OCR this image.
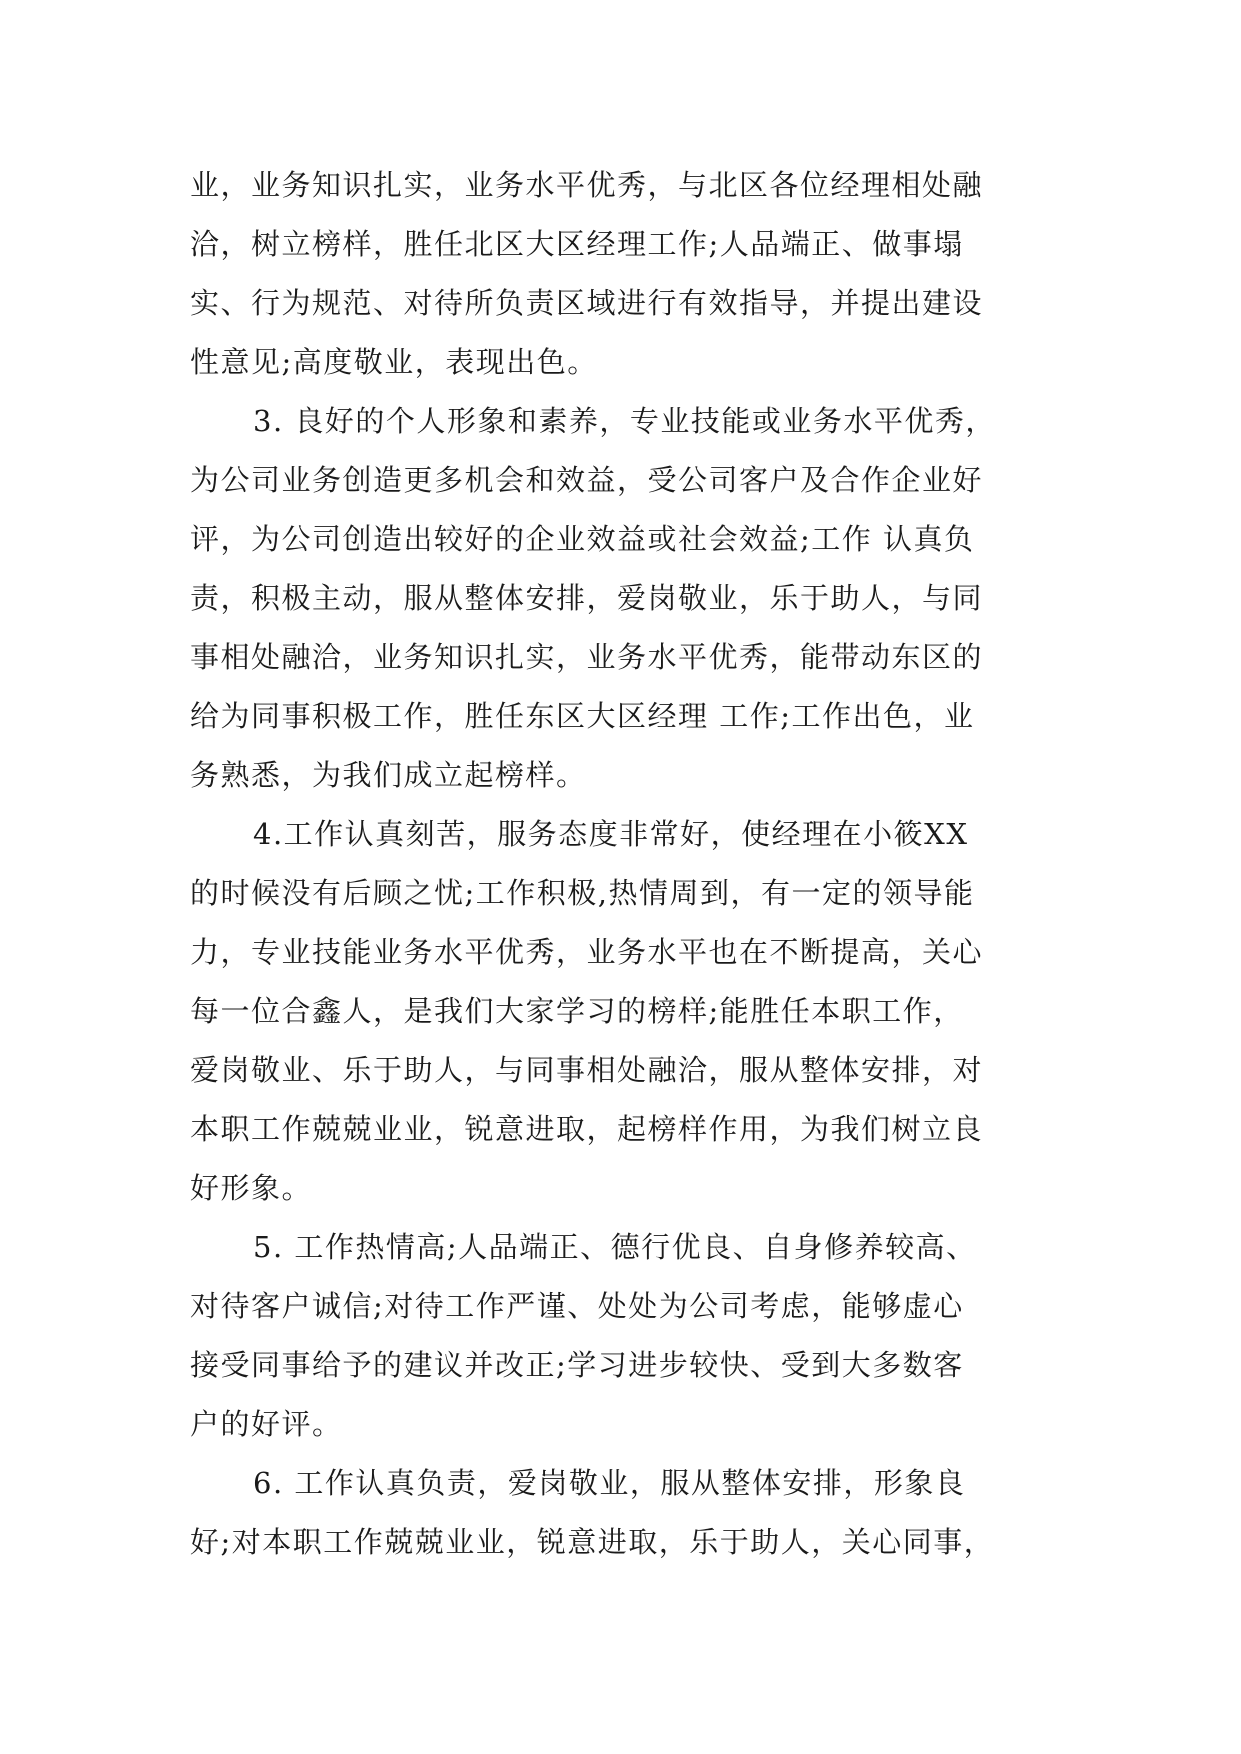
业，业务知识扎实，业务水平优秀，与北区各位经理相处融
洽，树立榜样，胜任北区大区经理工作;人品端正、做事塌
实、行为规范、对待所负责区域进行有效指导，并提出建设
性意见;高度敬业，表现出色。
3. 良好的个人形象和素养，专业技能或业务水平优秀，
为公司业务创造更多机会和效益，受公司客户及合作企业好
评，为公司创造出较好的企业效益或社会效益;工作 认真负
责，积极主动，服从整体安排，爱岗敬业，乐于助人，与同
事相处融洽，业务知识扎实，业务水平优秀，能带动东区的
给为同事积极工作，胜任东区大区经理 工作;工作出色，业
务熟悉，为我们成立起榜样。
4.工作认真刻苦，服务态度非常好，使经理在小筱XX
的时候没有后顾之忧;工作积极,热情周到，有一定的领导能
力，专业技能业务水平优秀，业务水平也在不断提高，关心
每一位合鑫人，是我们大家学习的榜样;能胜任本职工作，
爱岗敬业、乐于助人，与同事相处融洽，服从整体安排，对
本职工作兢兢业业，锐意进取，起榜样作用，为我们树立良
好形象。
5. 工作热情高;人品端正、德行优良、自身修养较高、
对待客户诚信;对待工作严谨、处处为公司考虑，能够虚心
接受同事给予的建议并改正;学习进步较快、受到大多数客
户的好评。
6. 工作认真负责，爱岗敬业，服从整体安排，形象良
好;对本职工作兢兢业业，锐意进取，乐于助人，关心同事，
